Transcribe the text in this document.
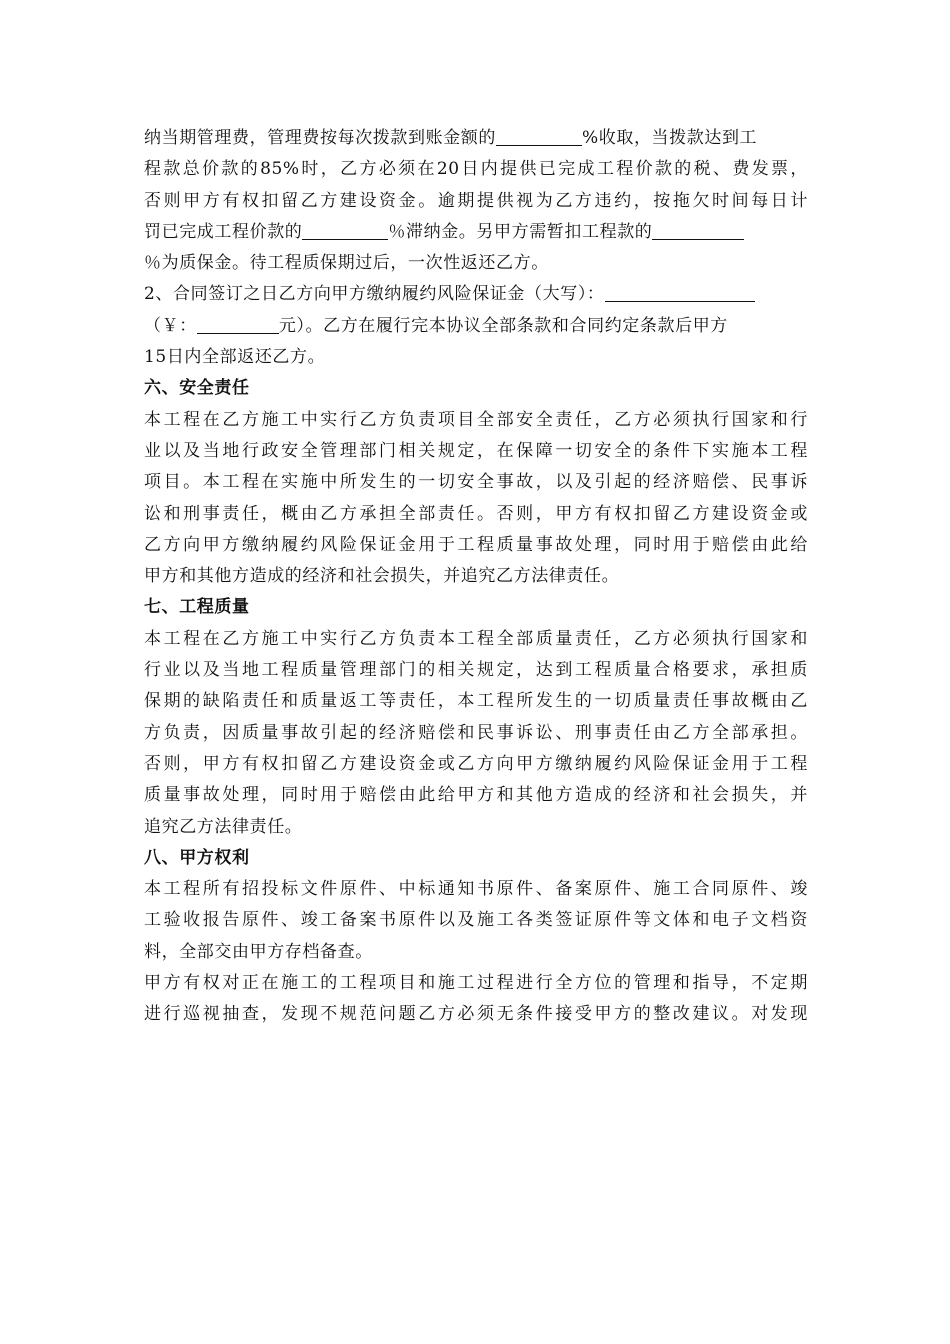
纳当期管理费，管理费按每次拨款到账金额的	%收取，当拨款达到工
程款总价款的85%时，乙方必须在20日内提供已完成工程价款的税、费发票，
否则甲方有权扣留乙方建设资金。逾期提供视为乙方违约，按拖欠时间每日计
罚已完成工程价款的	％滞纳金。另甲方需暂扣工程款的
％为质保金。待工程质保期过后，一次性返还乙方。
2、合同签订之日乙方向甲方缴纳履约风险保证金（大写）：
（￥：	元）。乙方在履行完本协议全部条款和合同约定条款后甲方
15日内全部返还乙方。
六、安全责任
本工程在乙方施工中实行乙方负责项目全部安全责任，乙方必须执行国家和行
业以及当地行政安全管理部门相关规定，在保障一切安全的条件下实施本工程
项目。本工程在实施中所发生的一切安全事故，以及引起的经济赔偿、民事诉
讼和刑事责任，概由乙方承担全部责任。否则，甲方有权扣留乙方建设资金或
乙方向甲方缴纳履约风险保证金用于工程质量事故处理，同时用于赔偿由此给
甲方和其他方造成的经济和社会损失，并追究乙方法律责任。
七、工程质量
本工程在乙方施工中实行乙方负责本工程全部质量责任，乙方必须执行国家和
行业以及当地工程质量管理部门的相关规定，达到工程质量合格要求，承担质
保期的缺陷责任和质量返工等责任，本工程所发生的一切质量责任事故概由乙
方负责，因质量事故引起的经济赔偿和民事诉讼、刑事责任由乙方全部承担。
否则，甲方有权扣留乙方建设资金或乙方向甲方缴纳履约风险保证金用于工程
质量事故处理，同时用于赔偿由此给甲方和其他方造成的经济和社会损失，并
追究乙方法律责任。
八、甲方权利
本工程所有招投标文件原件、中标通知书原件、备案原件、施工合同原件、竣
工验收报告原件、竣工备案书原件以及施工各类签证原件等文体和电子文档资
料，全部交由甲方存档备查。
甲方有权对正在施工的工程项目和施工过程进行全方位的管理和指导，不定期
进行巡视抽查，发现不规范问题乙方必须无条件接受甲方的整改建议。对发现
